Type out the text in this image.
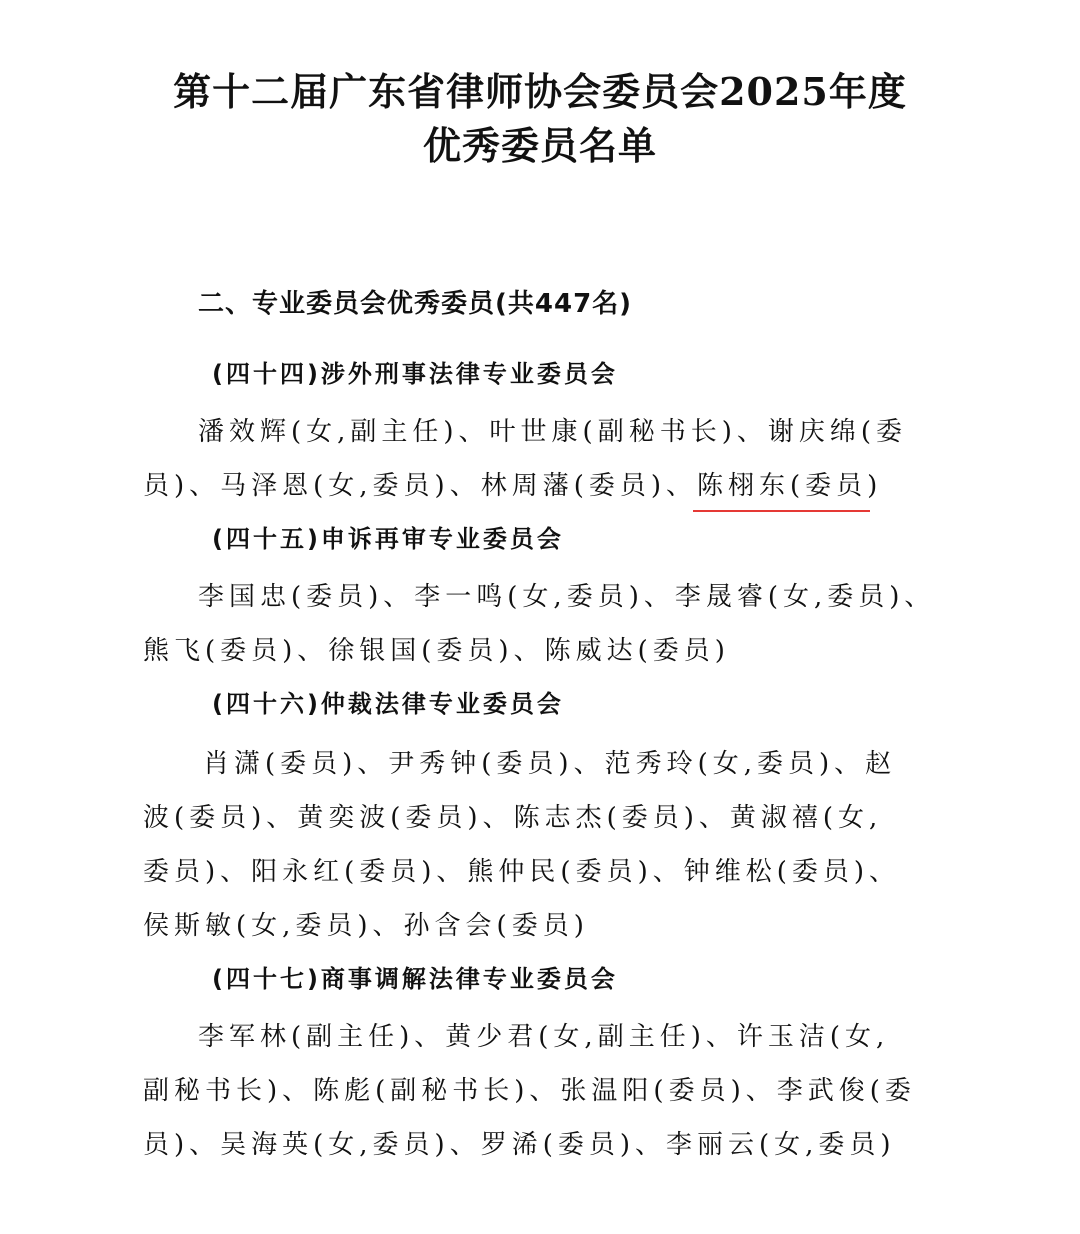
第十二届广东省律师协会委员会2025年度
优秀委员名单
二、专业委员会优秀委员(共447名)
(四十四)涉外刑事法律专业委员会
潘效辉(女,副主任)、叶世康(副秘书长)、谢庆绵(委
员)、马泽恩(女,委员)、林周藩(委员)、陈栩东(委员)
(四十五)申诉再审专业委员会
李国忠(委员)、李一鸣(女,委员)、李晟睿(女,委员)、
熊飞(委员)、徐银国(委员)、陈威达(委员)
(四十六)仲裁法律专业委员会
肖潇(委员)、尹秀钟(委员)、范秀玲(女,委员)、赵
波(委员)、黄奕波(委员)、陈志杰(委员)、黄淑禧(女,
委员)、阳永红(委员)、熊仲民(委员)、钟维松(委员)、
侯斯敏(女,委员)、孙含会(委员)
(四十七)商事调解法律专业委员会
李军林(副主任)、黄少君(女,副主任)、许玉洁(女,
副秘书长)、陈彪(副秘书长)、张温阳(委员)、李武俊(委
员)、吴海英(女,委员)、罗浠(委员)、李丽云(女,委员)
